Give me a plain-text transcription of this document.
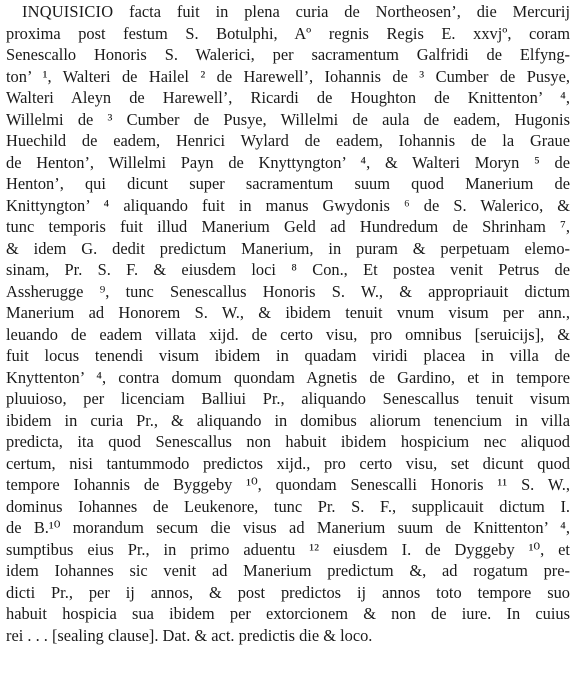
INQUISICIO facta fuit in plena curia de Northeosen’, die Mercurij
proxima post festum S. Botulphi, Aº regnis Regis E. xxvjº, coram
Senescallo Honoris S. Walerici, per sacramentum Galfridi de Elfyng-
ton’ ¹, Walteri de Hailel ² de Harewell’, Iohannis de ³ Cumber de Pusye,
Walteri Aleyn de Harewell’, Ricardi de Houghton de Knittenton’ ⁴,
Willelmi de ³ Cumber de Pusye, Willelmi de aula de eadem, Hugonis
Huechild de eadem, Henrici Wylard de eadem, Iohannis de la Graue
de Henton’, Willelmi Payn de Knyttyngton’ ⁴, & Walteri Moryn ⁵ de
Henton’, qui dicunt super sacramentum suum quod Manerium de
Knittyngton’ ⁴ aliquando fuit in manus Gwydonis ⁶ de S. Walerico, &
tunc temporis fuit illud Manerium Geld ad Hundredum de Shrinham ⁷,
& idem G. dedit predictum Manerium, in puram & perpetuam elemo-
sinam, Pr. S. F. & eiusdem loci ⁸ Con., Et postea venit Petrus de
Assherugge ⁹, tunc Senescallus Honoris S. W., & appropriauit dictum
Manerium ad Honorem S. W., & ibidem tenuit vnum visum per ann.,
leuando de eadem villata xijd. de certo visu, pro omnibus [seruicijs], &
fuit locus tenendi visum ibidem in quadam viridi placea in villa de
Knyttenton’ ⁴, contra domum quondam Agnetis de Gardino, et in tempore
pluuioso, per licenciam Balliui Pr., aliquando Senescallus tenuit visum
ibidem in curia Pr., & aliquando in domibus aliorum tenencium in villa
predicta, ita quod Senescallus non habuit ibidem hospicium nec aliquod
certum, nisi tantummodo predictos xijd., pro certo visu, set dicunt quod
tempore Iohannis de Byggeby ¹⁰, quondam Senescalli Honoris ¹¹ S. W.,
dominus Iohannes de Leukenore, tunc Pr. S. F., supplicauit dictum I.
de B.¹⁰ morandum secum die visus ad Manerium suum de Knittenton’ ⁴,
sumptibus eius Pr., in primo aduentu ¹² eiusdem I. de Dyggeby ¹⁰, et
idem Iohannes sic venit ad Manerium predictum &, ad rogatum pre-
dicti Pr., per ij annos, & post predictos ij annos toto tempore suo
habuit hospicia sua ibidem per extorcionem & non de iure. In cuius
rei . . . [sealing clause]. Dat. & act. predictis die & loco.
